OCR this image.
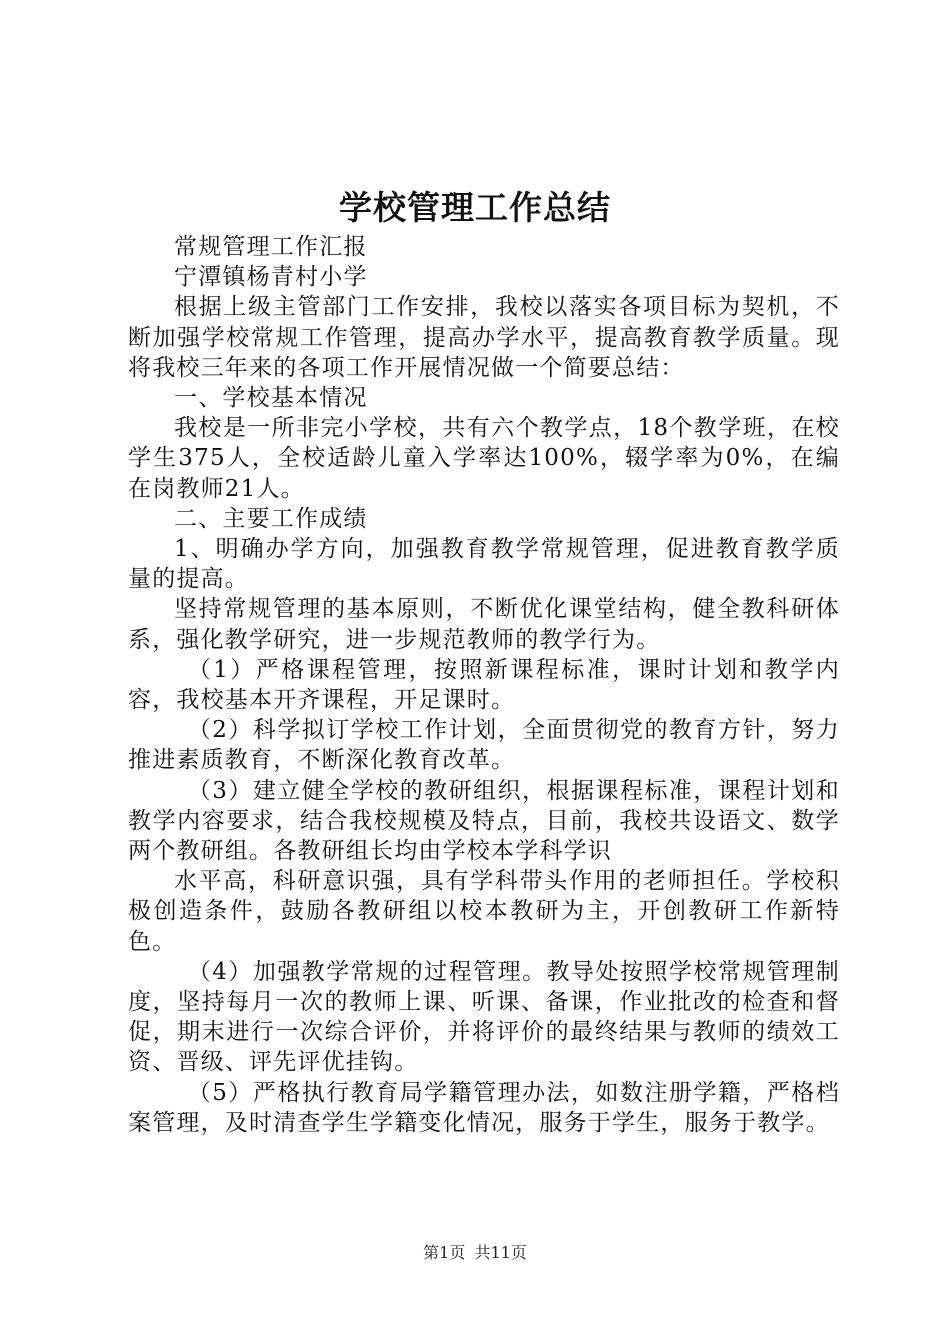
学校管理工作总结

常规管理工作汇报

宁潭镇杨青村小学

根据上级主管部门工作安排，我校以落实各项目标为契机，不断加强学校常规工作管理，提高办学水平，提高教育教学质量。现将我校三年来的各项工作开展情况做一个简要总结：

一、学校基本情况

我校是一所非完小学校，共有六个教学点，18个教学班，在校学生375人，全校适龄儿童入学率达100%，辍学率为0%，在编在岗教师21人。

二、主要工作成绩

1、明确办学方向，加强教育教学常规管理，促进教育教学质量的提高。

坚持常规管理的基本原则，不断优化课堂结构，健全教科研体系，强化教学研究，进一步规范教师的教学行为。

（1）严格课程管理，按照新课程标准，课时计划和教学内容，我校基本开齐课程，开足课时。

（2）科学拟订学校工作计划，全面贯彻党的教育方针，努力推进素质教育，不断深化教育改革。

（3）建立健全学校的教研组织，根据课程标准，课程计划和教学内容要求，结合我校规模及特点，目前，我校共设语文、数学两个教研组。各教研组长均由学校本学科学识

水平高，科研意识强，具有学科带头作用的老师担任。学校积极创造条件，鼓励各教研组以校本教研为主，开创教研工作新特色。

（4）加强教学常规的过程管理。教导处按照学校常规管理制度，坚持每月一次的教师上课、听课、备课，作业批改的检查和督促，期末进行一次综合评价，并将评价的最终结果与教师的绩效工资、晋级、评先评优挂钩。

（5）严格执行教育局学籍管理办法，如数注册学籍，严格档案管理，及时清查学生学籍变化情况，服务于学生，服务于教学。

第1页 共11页
